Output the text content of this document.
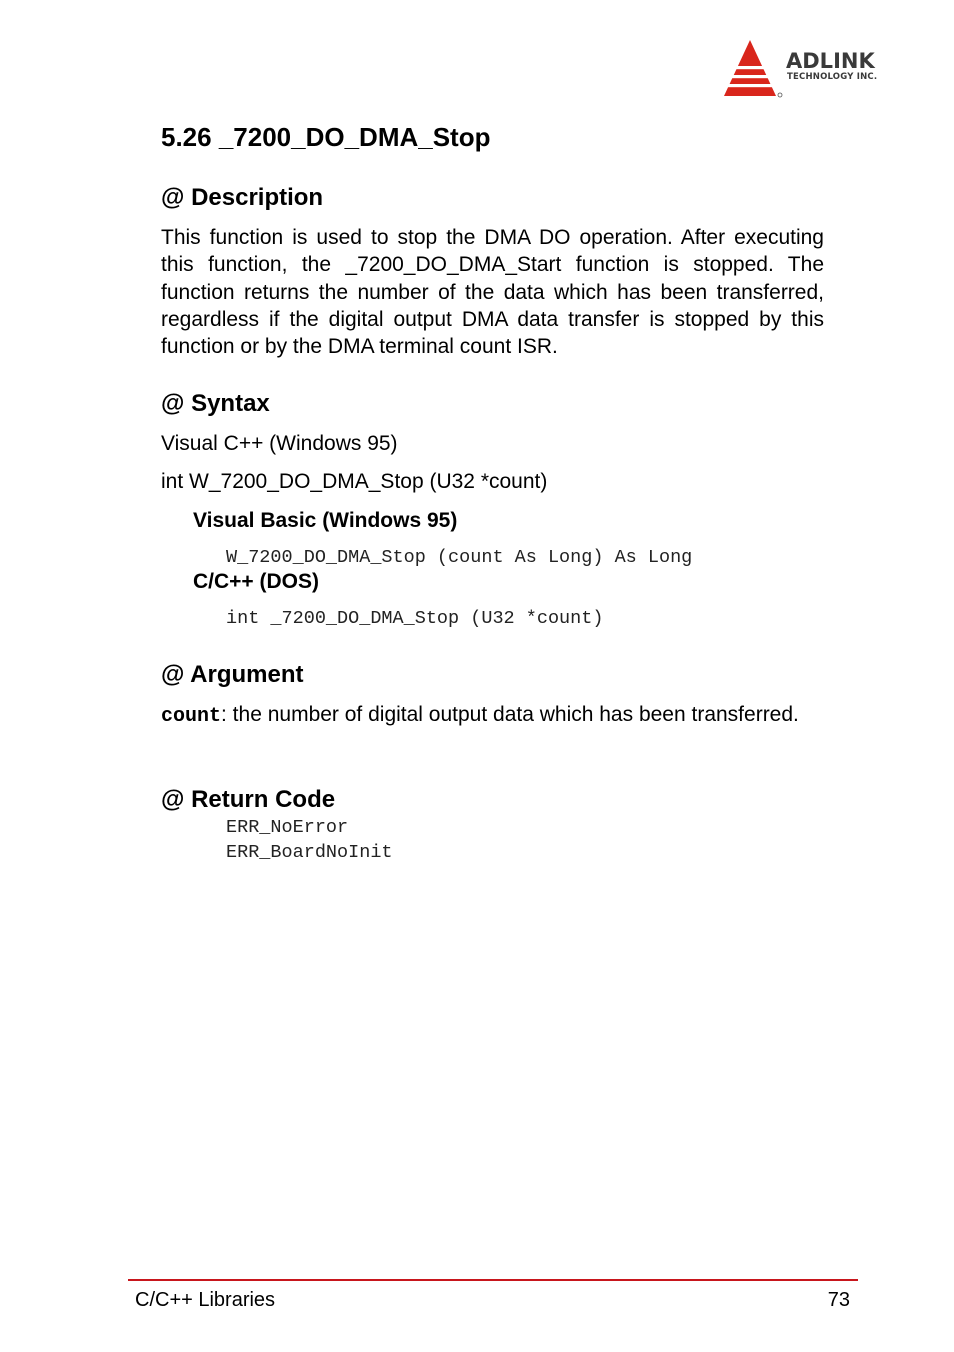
ADLINK
TECHNOLOGY INC.
5.26 _7200_DO_DMA_Stop
@ Description

This function is used to stop the DMA DO operation. After executing this function, the _7200_DO_DMA_Start function is stopped. The function returns the number of the data which has been transferred, regardless if the digital output DMA data transfer is stopped by this function or by the DMA terminal count ISR.

@ Syntax

Visual C++ (Windows 95)

int W_7200_DO_DMA_Stop (U32 *count)

Visual Basic (Windows 95)

W_7200_DO_DMA_Stop (count As Long) As Long

C/C++ (DOS)

int _7200_DO_DMA_Stop (U32 *count)

@ Argument

count: the number of digital output data which has been transferred.

@ Return Code

ERR_NoError

ERR_BoardNoInit

C/C++ Libraries	73
